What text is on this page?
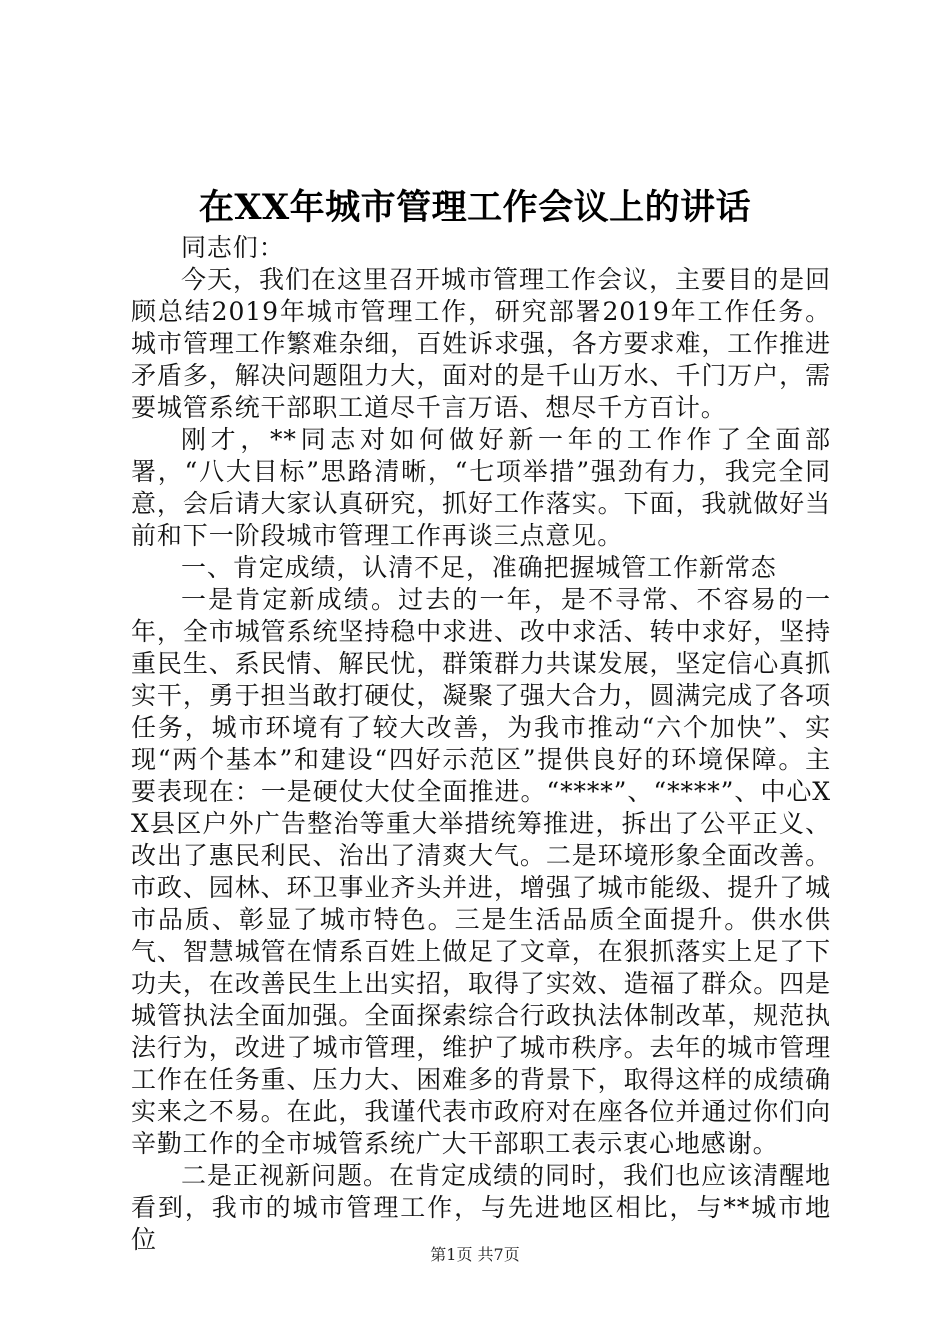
在XX年城市管理工作会议上的讲话

同志们：

今天，我们在这里召开城市管理工作会议，主要目的是回顾总结2019年城市管理工作，研究部署2019年工作任务。城市管理工作繁难杂细，百姓诉求强，各方要求难，工作推进矛盾多，解决问题阻力大，面对的是千山万水、千门万户，需要城管系统干部职工道尽千言万语、想尽千方百计。

刚才，**同志对如何做好新一年的工作作了全面部署，“八大目标”思路清晰，“七项举措”强劲有力，我完全同意，会后请大家认真研究，抓好工作落实。下面，我就做好当前和下一阶段城市管理工作再谈三点意见。

一、肯定成绩，认清不足，准确把握城管工作新常态

一是肯定新成绩。过去的一年，是不寻常、不容易的一年，全市城管系统坚持稳中求进、改中求活、转中求好，坚持重民生、系民情、解民忧，群策群力共谋发展，坚定信心真抓实干，勇于担当敢打硬仗，凝聚了强大合力，圆满完成了各项任务，城市环境有了较大改善，为我市推动“六个加快”、实现“两个基本”和建设“四好示范区”提供良好的环境保障。主要表现在：一是硬仗大仗全面推进。“****”、“****”、中心XX县区户外广告整治等重大举措统筹推进，拆出了公平正义、改出了惠民利民、治出了清爽大气。二是环境形象全面改善。市政、园林、环卫事业齐头并进，增强了城市能级、提升了城市品质、彰显了城市特色。三是生活品质全面提升。供水供气、智慧城管在情系百姓上做足了文章，在狠抓落实上足了下功夫，在改善民生上出实招，取得了实效、造福了群众。四是城管执法全面加强。全面探索综合行政执法体制改革，规范执法行为，改进了城市管理，维护了城市秩序。去年的城市管理工作在任务重、压力大、困难多的背景下，取得这样的成绩确实来之不易。在此，我谨代表市政府对在座各位并通过你们向辛勤工作的全市城管系统广大干部职工表示衷心地感谢。

二是正视新问题。在肯定成绩的同时，我们也应该清醒地看到，我市的城市管理工作，与先进地区相比，与**城市地位

第1页 共7页
